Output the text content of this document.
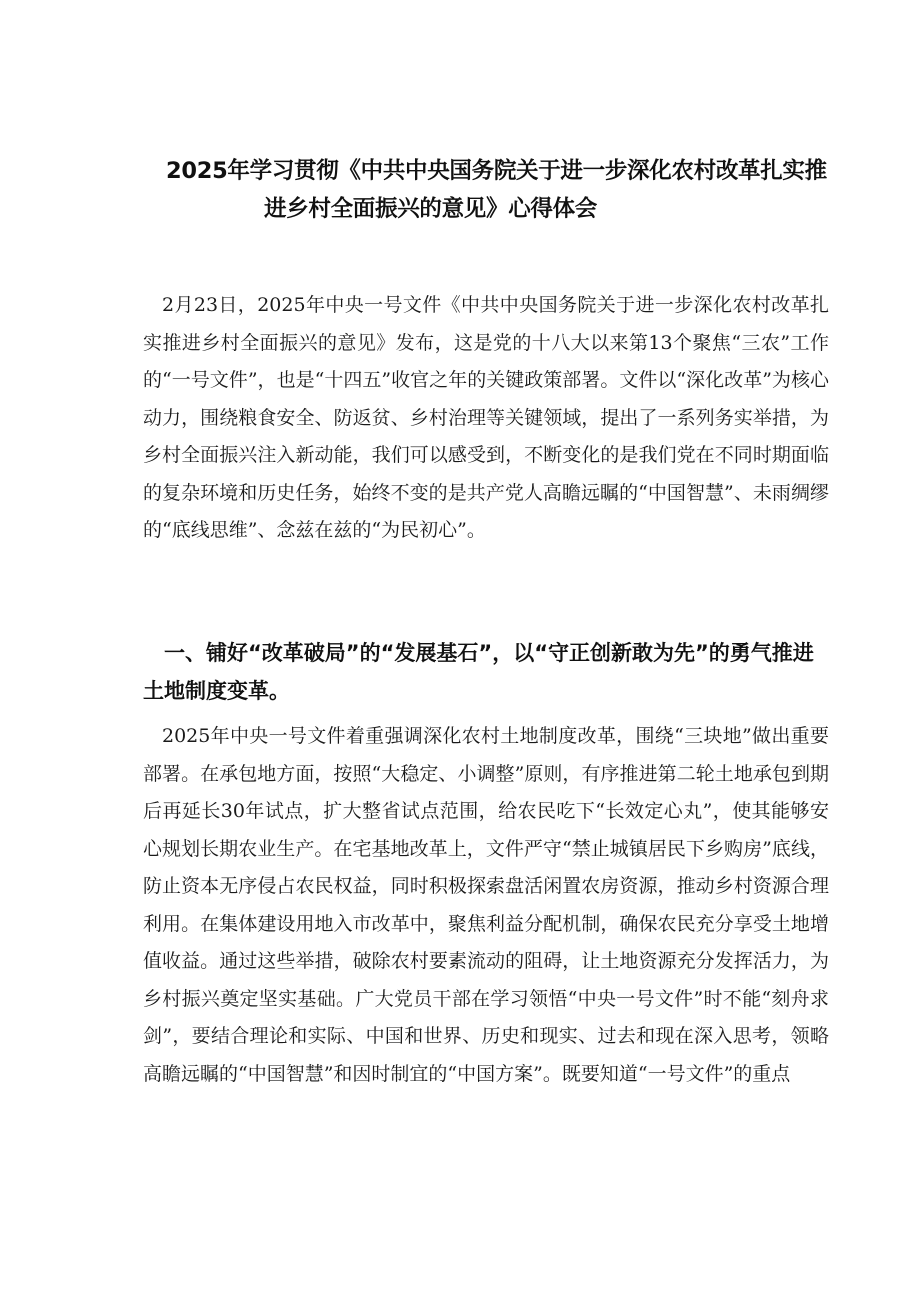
2025年学习贯彻《中共中央国务院关于进一步深化农村改革扎实推
进乡村全面振兴的意见》心得体会

2月23日，2025年中央一号文件《中共中央国务院关于进一步深化农村改革扎实推进乡村全面振兴的意见》发布，这是党的十八大以来第13个聚焦“三农”工作的“一号文件”，也是“十四五”收官之年的关键政策部署。文件以“深化改革”为核心动力，围绕粮食安全、防返贫、乡村治理等关键领域，提出了一系列务实举措，为乡村全面振兴注入新动能，我们可以感受到，不断变化的是我们党在不同时期面临的复杂环境和历史任务，始终不变的是共产党人高瞻远瞩的“中国智慧”、未雨绸缪的“底线思维”、念兹在兹的“为民初心”。

一、铺好“改革破局”的“发展基石”，以“守正创新敢为先”的勇气推进土地制度变革。

2025年中央一号文件着重强调深化农村土地制度改革，围绕“三块地”做出重要部署。在承包地方面，按照“大稳定、小调整”原则，有序推进第二轮土地承包到期后再延长30年试点，扩大整省试点范围，给农民吃下“长效定心丸”，使其能够安心规划长期农业生产。在宅基地改革上，文件严守“禁止城镇居民下乡购房”底线，防止资本无序侵占农民权益，同时积极探索盘活闲置农房资源，推动乡村资源合理利用。在集体建设用地入市改革中，聚焦利益分配机制，确保农民充分享受土地增值收益。通过这些举措，破除农村要素流动的阻碍，让土地资源充分发挥活力，为乡村振兴奠定坚实基础。广大党员干部在学习领悟“中央一号文件”时不能“刻舟求剑”，要结合理论和实际、中国和世界、历史和现实、过去和现在深入思考，领略高瞻远瞩的“中国智慧”和因时制宜的“中国方案”。既要知道“一号文件”的重点
